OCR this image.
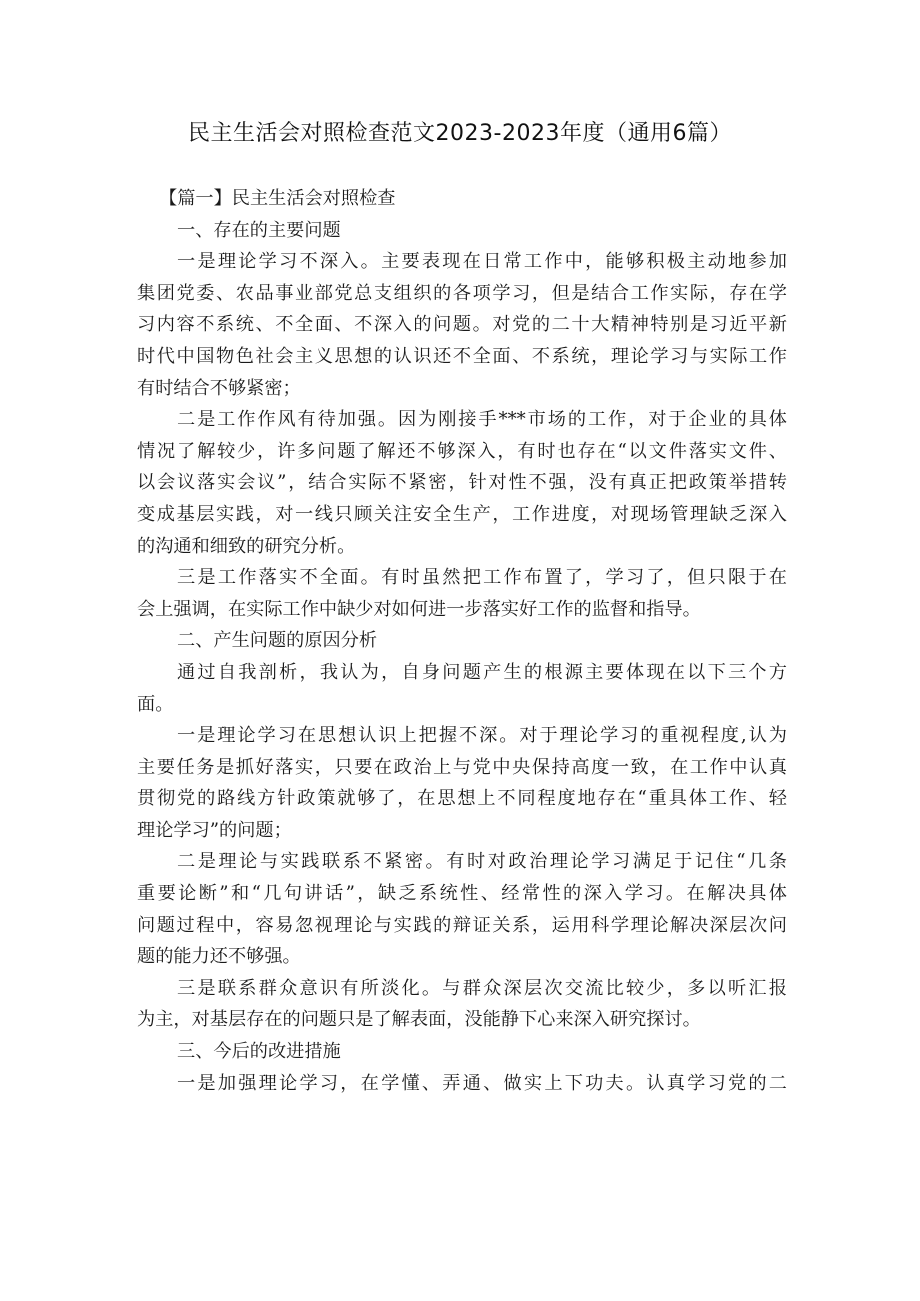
民主生活会对照检查范文2023-2023年度（通用6篇）
【篇一】民主生活会对照检查
一、存在的主要问题
一是理论学习不深入。主要表现在日常工作中，能够积极主动地参加
集团党委、农品事业部党总支组织的各项学习，但是结合工作实际，存在学
习内容不系统、不全面、不深入的问题。对党的二十大精神特别是习近平新
时代中国物色社会主义思想的认识还不全面、不系统，理论学习与实际工作
有时结合不够紧密；
二是工作作风有待加强。因为刚接手***市场的工作，对于企业的具体
情况了解较少，许多问题了解还不够深入，有时也存在“以文件落实文件、
以会议落实会议”，结合实际不紧密，针对性不强，没有真正把政策举措转
变成基层实践，对一线只顾关注安全生产，工作进度，对现场管理缺乏深入
的沟通和细致的研究分析。
三是工作落实不全面。有时虽然把工作布置了，学习了，但只限于在
会上强调，在实际工作中缺少对如何进一步落实好工作的监督和指导。
二、产生问题的原因分析
通过自我剖析，我认为，自身问题产生的根源主要体现在以下三个方
面。
一是理论学习在思想认识上把握不深。对于理论学习的重视程度,认为
主要任务是抓好落实，只要在政治上与党中央保持高度一致，在工作中认真
贯彻党的路线方针政策就够了，在思想上不同程度地存在“重具体工作、轻
理论学习”的问题；
二是理论与实践联系不紧密。有时对政治理论学习满足于记住“几条
重要论断”和“几句讲话”，缺乏系统性、经常性的深入学习。在解决具体
问题过程中，容易忽视理论与实践的辩证关系，运用科学理论解决深层次问
题的能力还不够强。
三是联系群众意识有所淡化。与群众深层次交流比较少，多以听汇报
为主，对基层存在的问题只是了解表面，没能静下心来深入研究探讨。
三、今后的改进措施
一是加强理论学习，在学懂、弄通、做实上下功夫。认真学习党的二
